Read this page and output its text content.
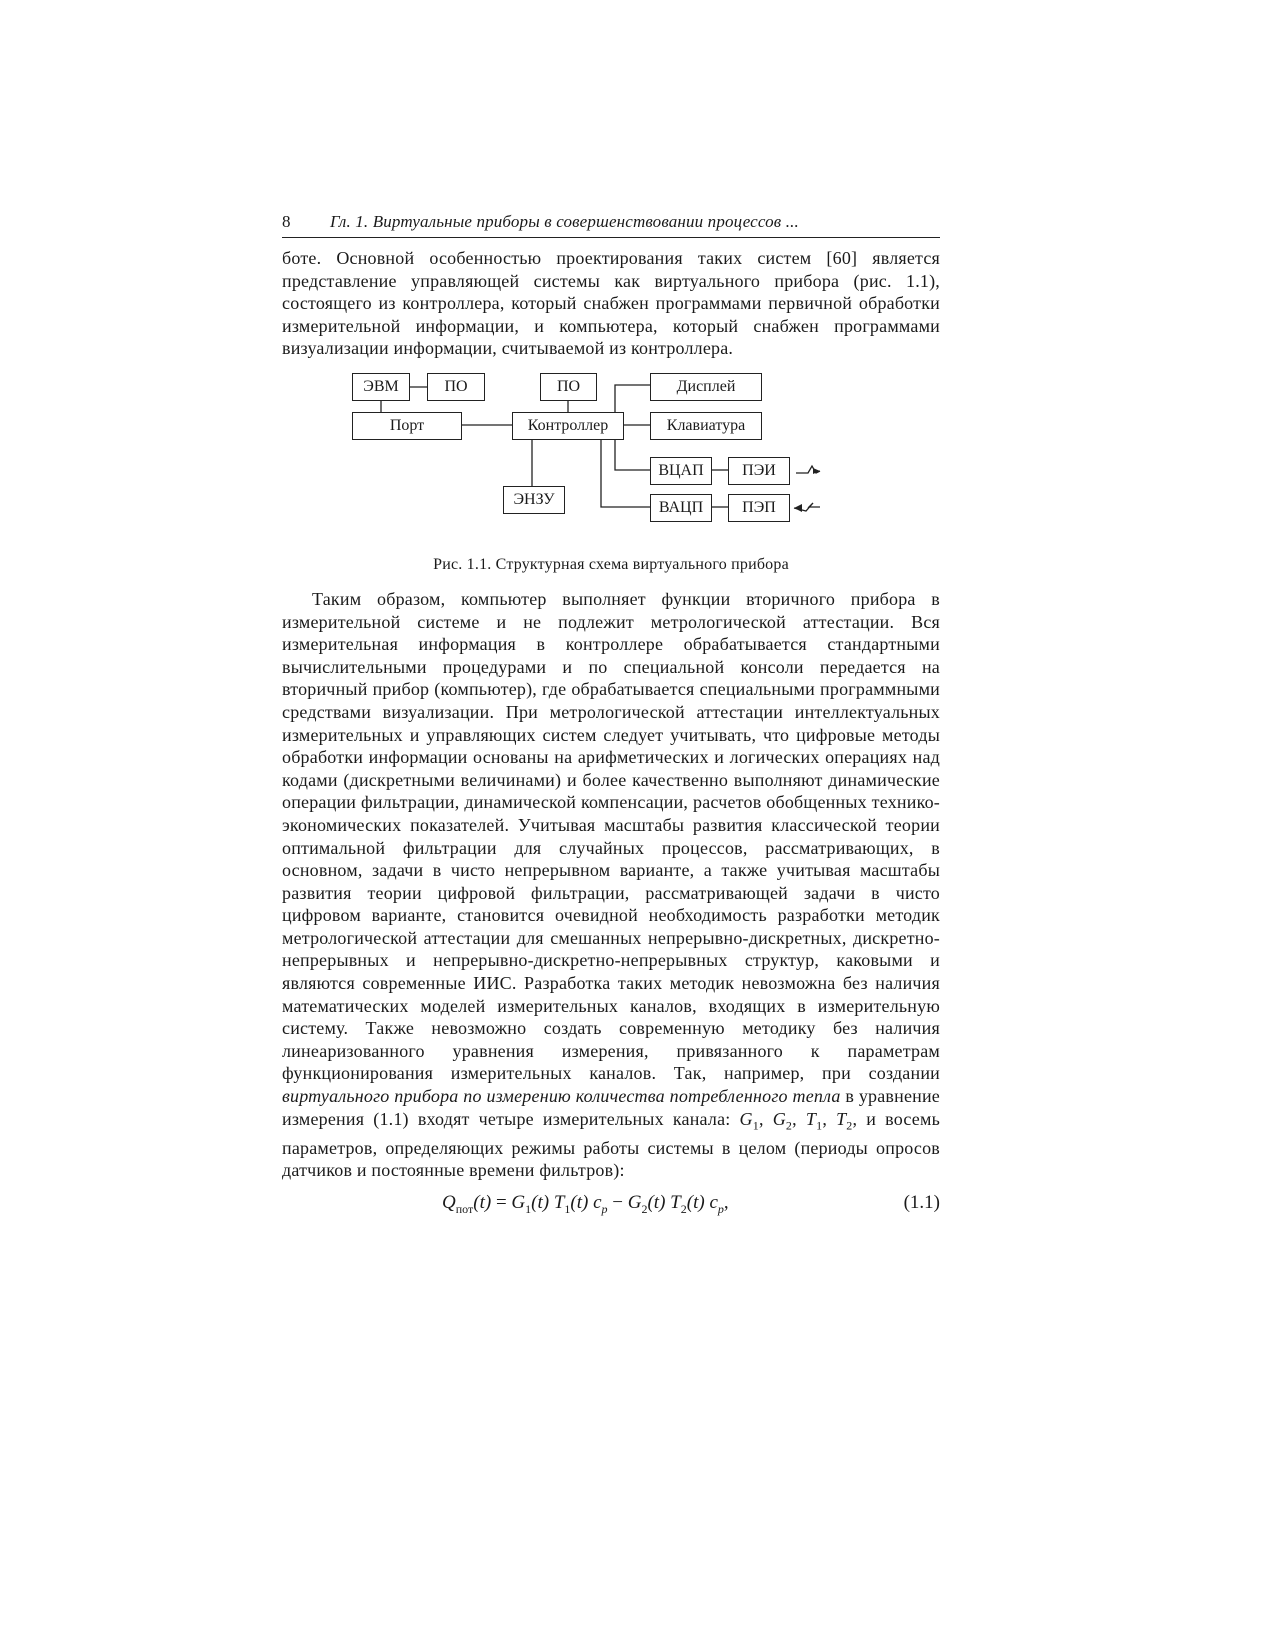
8	Гл. 1. Виртуальные приборы в совершенствовании процессов ...

боте. Основной особенностью проектирования таких систем [60] является представление управляющей системы как виртуального прибора (рис. 1.1), состоящего из контроллера, который снабжен программами первичной обработки измерительной информации, и компьютера, который снабжен программами визуализации информации, считываемой из контроллера.

ЭВМ	ПО
Порт
ПО
Контроллер
Дисплей
Клавиатура
ВЦАП	ПЭИ
ВАЦП	ПЭП
ЭНЗУ
Рис. 1.1. Структурная схема виртуального прибора

Таким образом, компьютер выполняет функции вторичного прибора в измерительной системе и не подлежит метрологической аттестации. Вся измерительная информация в контроллере обрабатывается стандартными вычислительными процедурами и по специальной консоли передается на вторичный прибор (компьютер), где обрабатывается специальными программными средствами визуализации. При метрологической аттестации интеллектуальных измерительных и управляющих систем следует учитывать, что цифровые методы обработки информации основаны на арифметических и логических операциях над кодами (дискретными величинами) и более качественно выполняют динамические операции фильтрации, динамической компенсации, расчетов обобщенных технико-экономических показателей. Учитывая масштабы развития классической теории оптимальной фильтрации для случайных процессов, рассматривающих, в основном, задачи в чисто непрерывном варианте, а также учитывая масштабы развития теории цифровой фильтрации, рассматривающей задачи в чисто цифровом варианте, становится очевидной необходимость разработки методик метрологической аттестации для смешанных непрерывно-дискретных, дискретно-непрерывных и непрерывно-дискретно-непрерывных структур, каковыми и являются современные ИИС. Разработка таких методик невозможна без наличия математических моделей измерительных каналов, входящих в измерительную систему. Также невозможно создать современную методику без наличия линеаризованного уравнения измерения, привязанного к параметрам функционирования измерительных каналов. Так, например, при создании виртуального прибора по измерению количества потребленного тепла в уравнение измерения (1.1) входят четыре измерительных канала: $G_1$, $G_2$, $T_1$, $T_2$, и восемь параметров, определяющих режимы работы системы в целом (периоды опросов датчиков и постоянные времени фильтров):

$Q_{пот}(t) = G_1(t)$ $T_1(t) c_p - G_2(t)$ $T_2(t)$ $c_p$,	(1.1)
